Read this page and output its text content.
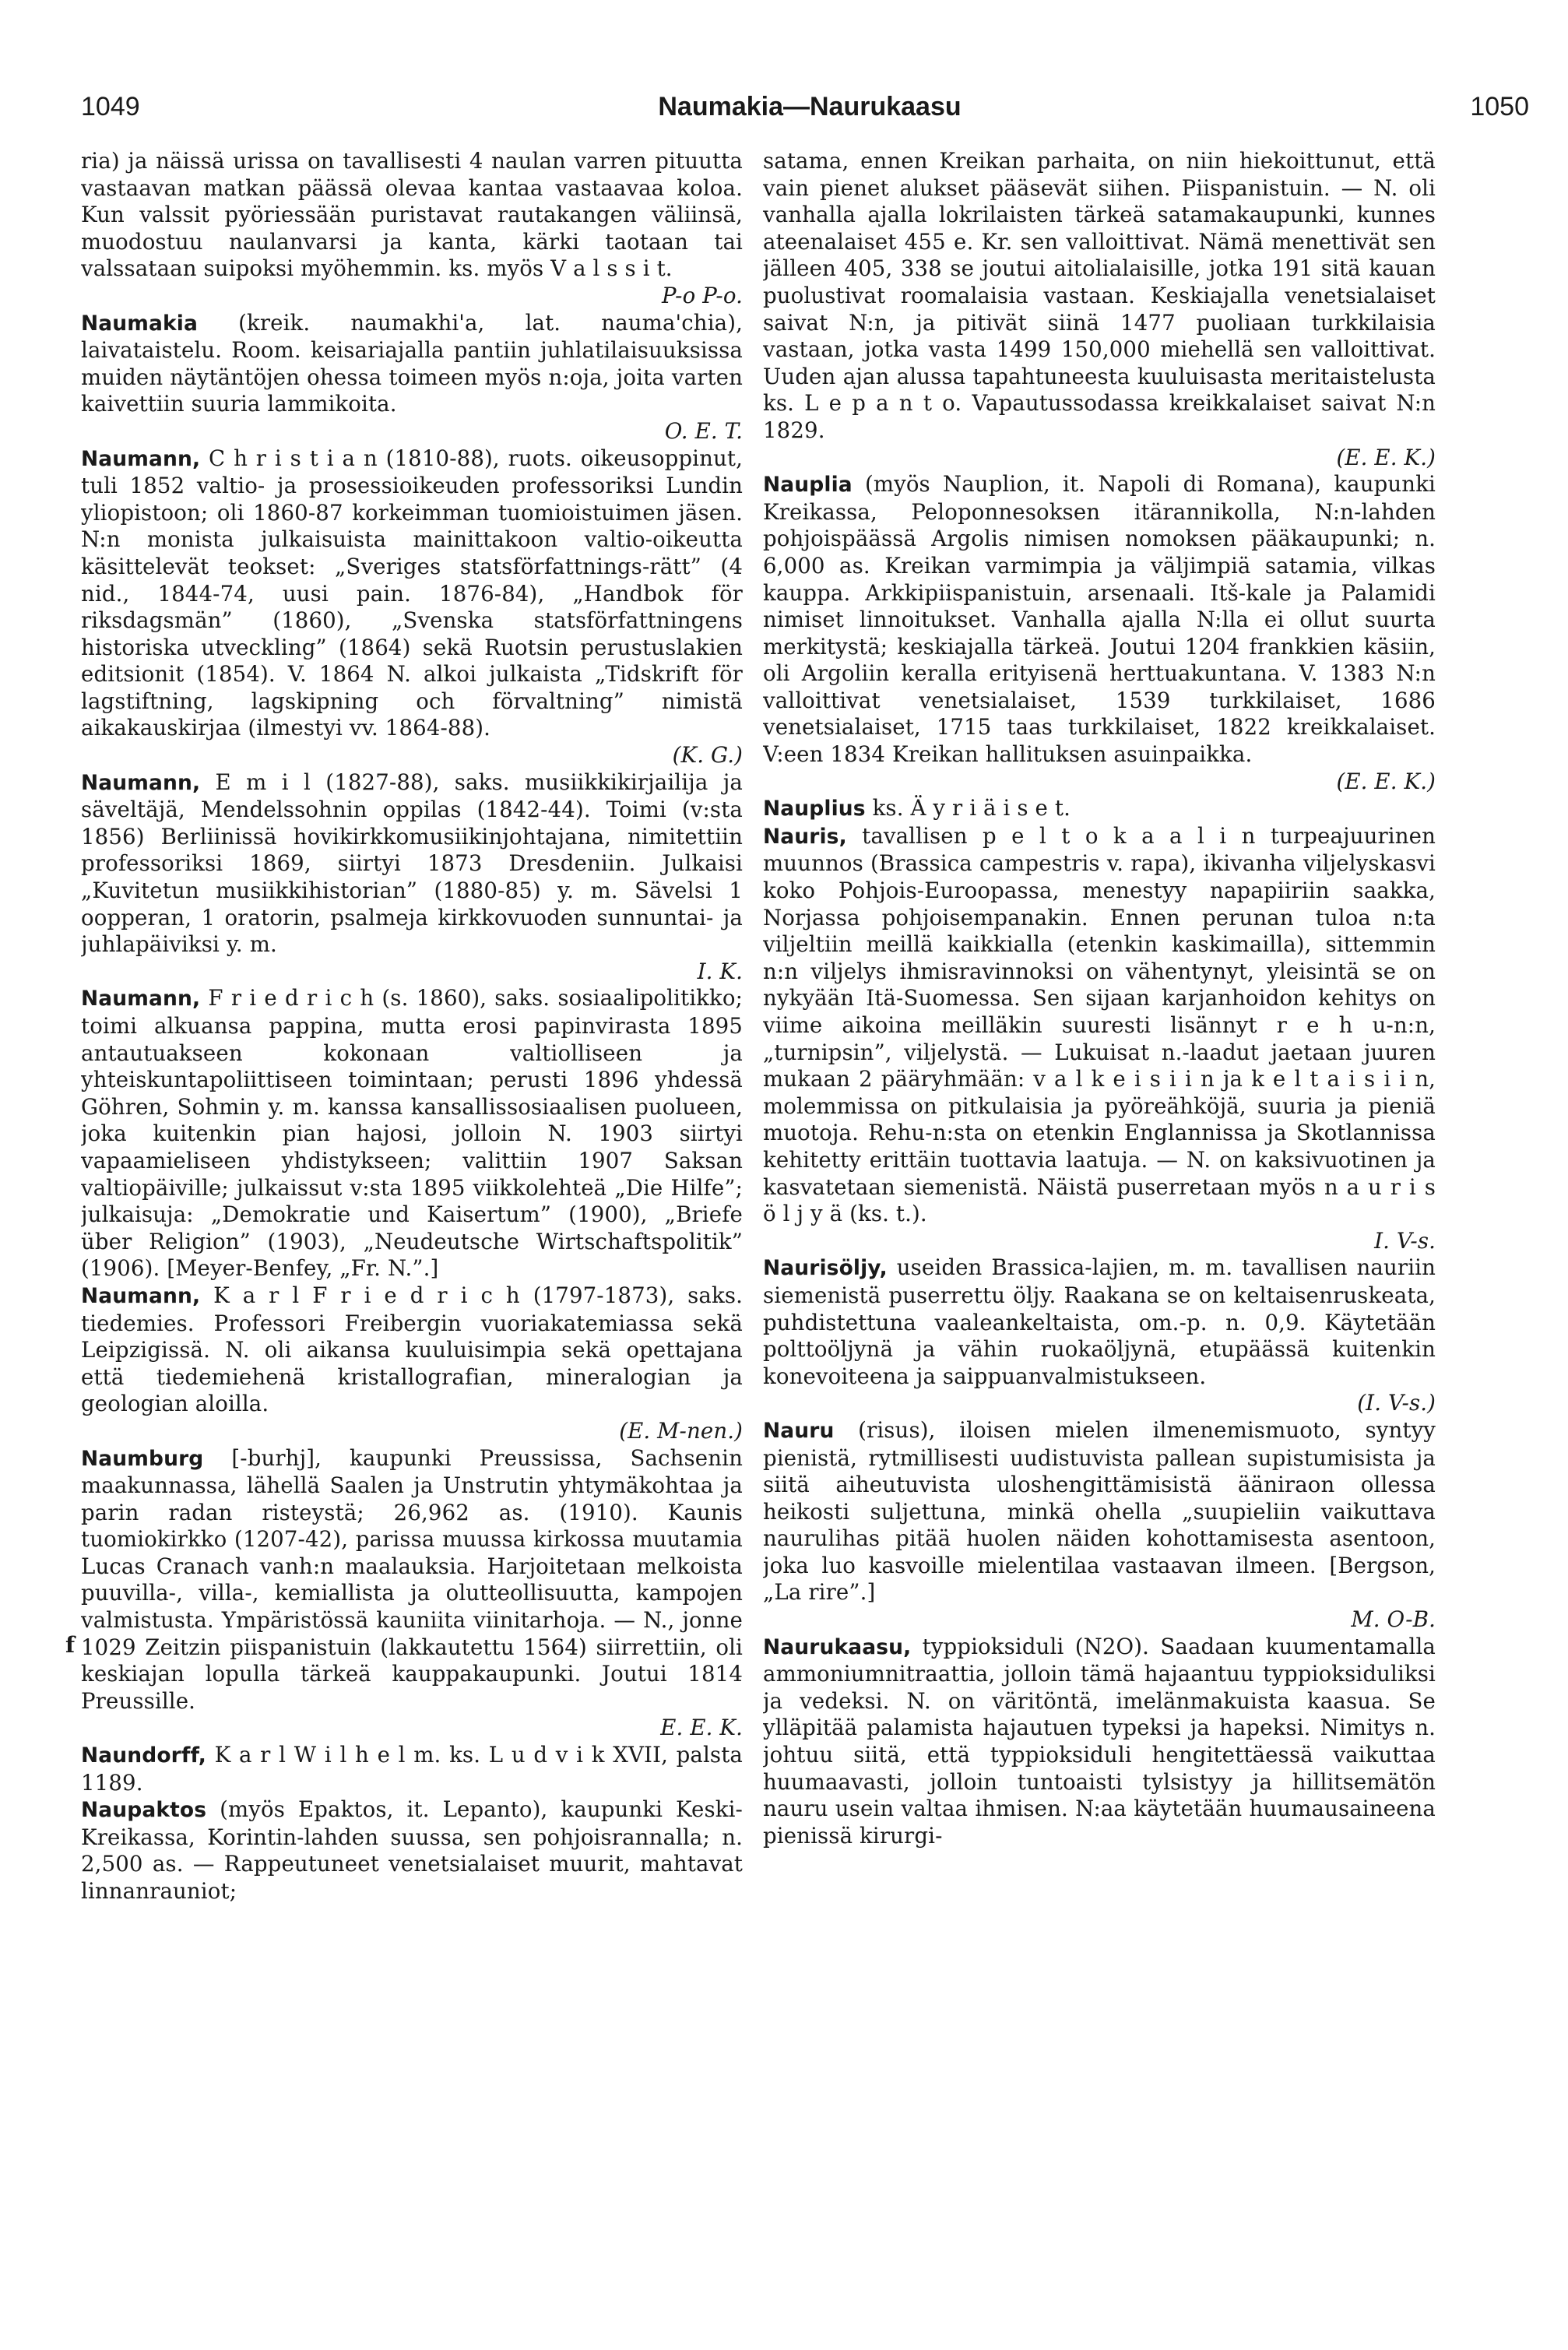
1049	Naumakia—Naurukaasu	1050
f

ria) ja näissä urissa on tavallisesti 4 naulan varren pituutta vastaavan matkan päässä olevaa kantaa vastaavaa koloa. Kun valssit pyöriessään puristavat rautakangen väliinsä, muodostuu naulanvarsi ja kanta, kärki taotaan tai valssataan suipoksi myöhemmin. ks. myös V a l s s i t.
P-o P-o.

Naumakia (kreik. naumakhi'a, lat. nauma'chia), laivataistelu. Room. keisariajalla pantiin juhlatilaisuuksissa muiden näytäntöjen ohessa toimeen myös n:oja, joita varten kaivettiin suuria lammikoita.
O. E. T.

Naumann, C h r i s t i a n (1810-88), ruots. oikeusoppinut, tuli 1852 valtio- ja prosessioikeuden professoriksi Lundin yliopistoon; oli 1860-87 korkeimman tuomioistuimen jäsen. N:n monista julkaisuista mainittakoon valtio-oikeutta käsittelevät teokset: „Sveriges statsförfattnings-rätt” (4 nid., 1844-74, uusi pain. 1876-84), „Handbok för riksdagsmän” (1860), „Svenska statsförfattningens historiska utveckling” (1864) sekä Ruotsin perustuslakien editsionit (1854). V. 1864 N. alkoi julkaista „Tidskrift för lagstiftning, lagskipning och förvaltning” nimistä aikakauskirjaa (ilmestyi vv. 1864-88).
(K. G.)

Naumann, E m i l (1827-88), saks. musiikkikirjailija ja säveltäjä, Mendelssohnin oppilas (1842-44). Toimi (v:sta 1856) Berliinissä hovikirkkomusiikinjohtajana, nimitettiin professoriksi 1869, siirtyi 1873 Dresdeniin. Julkaisi „Kuvitetun musiikkihistorian” (1880-85) y. m. Sävelsi 1 oopperan, 1 oratorin, psalmeja kirkkovuoden sunnuntai- ja juhlapäiviksi y. m.
I. K.

Naumann, F r i e d r i c h (s. 1860), saks. sosiaalipolitikko; toimi alkuansa pappina, mutta erosi papinvirasta 1895 antautuakseen kokonaan valtiolliseen ja yhteiskuntapoliittiseen toimintaan; perusti 1896 yhdessä Göhren, Sohmin y. m. kanssa kansallissosiaalisen puolueen, joka kuitenkin pian hajosi, jolloin N. 1903 siirtyi vapaamieliseen yhdistykseen; valittiin 1907 Saksan valtiopäiville; julkaissut v:sta 1895 viikkolehteä „Die Hilfe”; julkaisuja: „Demokratie und Kaisertum” (1900), „Briefe über Religion” (1903), „Neudeutsche Wirtschaftspolitik” (1906). [Meyer-Benfey, „Fr. N.”.]

Naumann, K a r l F r i e d r i c h (1797-1873), saks. tiedemies. Professori Freibergin vuoriakatemiassa sekä Leipzigissä. N. oli aikansa kuuluisimpia sekä opettajana että tiedemiehenä kristallografian, mineralogian ja geologian aloilla.
(E. M-nen.)

Naumburg [-burhj], kaupunki Preussissa, Sachsenin maakunnassa, lähellä Saalen ja Unstrutin yhtymäkohtaa ja parin radan risteystä; 26,962 as. (1910). Kaunis tuomiokirkko (1207-42), parissa muussa kirkossa muutamia Lucas Cranach vanh:n maalauksia. Harjoitetaan melkoista puuvilla-, villa-, kemiallista ja olutteollisuutta, kampojen valmistusta. Ympäristössä kauniita viinitarhoja. — N., jonne 1029 Zeitzin piispanistuin (lakkautettu 1564) siirrettiin, oli keskiajan lopulla tärkeä kauppakaupunki. Joutui 1814 Preussille.
E. E. K.

Naundorff, K a r l W i l h e l m. ks. L u d v i k XVII, palsta 1189.

Naupaktos (myös Epaktos, it. Lepanto), kaupunki Keski-Kreikassa, Korintin-lahden suussa, sen pohjoisrannalla; n. 2,500 as. — Rappeutuneet venetsialaiset muurit, mahtavat linnanrauniot;

satama, ennen Kreikan parhaita, on niin hiekoittunut, että vain pienet alukset pääsevät siihen. Piispanistuin. — N. oli vanhalla ajalla lokrilaisten tärkeä satamakaupunki, kunnes ateenalaiset 455 e. Kr. sen valloittivat. Nämä menettivät sen jälleen 405, 338 se joutui aitolialaisille, jotka 191 sitä kauan puolustivat roomalaisia vastaan. Keskiajalla venetsialaiset saivat N:n, ja pitivät siinä 1477 puoliaan turkkilaisia vastaan, jotka vasta 1499 150,000 miehellä sen valloittivat. Uuden ajan alussa tapahtuneesta kuuluisasta meritaistelusta ks. L e p a n t o. Vapautussodassa kreikkalaiset saivat N:n 1829.
(E. E. K.)

Nauplia (myös Nauplion, it. Napoli di Romana), kaupunki Kreikassa, Peloponnesoksen itärannikolla, N:n-lahden pohjoispäässä Argolis nimisen nomoksen pääkaupunki; n. 6,000 as. Kreikan varmimpia ja väljimpiä satamia, vilkas kauppa. Arkkipiispanistuin, arsenaali. Itš-kale ja Palamidi nimiset linnoitukset. Vanhalla ajalla N:lla ei ollut suurta merkitystä; keskiajalla tärkeä. Joutui 1204 frankkien käsiin, oli Argoliin keralla erityisenä herttuakuntana. V. 1383 N:n valloittivat venetsialaiset, 1539 turkkilaiset, 1686 venetsialaiset, 1715 taas turkkilaiset, 1822 kreikkalaiset. V:een 1834 Kreikan hallituksen asuinpaikka.
(E. E. K.)

Nauplius ks. Ä y r i ä i s e t.

Nauris, tavallisen p e l t o k a a l i n turpeajuurinen muunnos (Brassica campestris v. rapa), ikivanha viljelyskasvi koko Pohjois-Euroopassa, menestyy napapiiriin saakka, Norjassa pohjoisempanakin. Ennen perunan tuloa n:ta viljeltiin meillä kaikkialla (etenkin kaskimailla), sittemmin n:n viljelys ihmisravinnoksi on vähentynyt, yleisintä se on nykyään Itä-Suomessa. Sen sijaan karjanhoidon kehitys on viime aikoina meilläkin suuresti lisännyt r e h u-n:n, „turnipsin”, viljelystä. — Lukuisat n.-laadut jaetaan juuren mukaan 2 pääryhmään: v a l k e i s i i n ja k e l t a i s i i n, molemmissa on pitkulaisia ja pyöreähköjä, suuria ja pieniä muotoja. Rehu-n:sta on etenkin Englannissa ja Skotlannissa kehitetty erittäin tuottavia laatuja. — N. on kaksivuotinen ja kasvatetaan siemenistä. Näistä puserretaan myös n a u r i s ö l j y ä (ks. t.).
I. V-s.

Naurisöljy, useiden Brassica-lajien, m. m. tavallisen nauriin siemenistä puserrettu öljy. Raakana se on keltaisenruskeata, puhdistettuna vaaleankeltaista, om.-p. n. 0,9. Käytetään polttoöljynä ja vähin ruokaöljynä, etupäässä kuitenkin konevoiteena ja saippuanvalmistukseen.
(I. V-s.)

Nauru (risus), iloisen mielen ilmenemismuoto, syntyy pienistä, rytmillisesti uudistuvista pallean supistumisista ja siitä aiheutuvista uloshengittämisistä ääniraon ollessa heikosti suljettuna, minkä ohella „suupieliin vaikuttava naurulihas pitää huolen näiden kohottamisesta asentoon, joka luo kasvoille mielentilaa vastaavan ilmeen. [Bergson, „La rire”.]
M. O-B.

Naurukaasu, typpioksiduli (N2O). Saadaan kuumentamalla ammoniumnitraattia, jolloin tämä hajaantuu typpioksiduliksi ja vedeksi. N. on väritöntä, imelänmakuista kaasua. Se ylläpitää palamista hajautuen typeksi ja hapeksi. Nimitys n. johtuu siitä, että typpioksiduli hengitettäessä vaikuttaa huumaavasti, jolloin tuntoaisti tylsistyy ja hillitsemätön nauru usein valtaa ihmisen. N:aa käytetään huumausaineena pienissä kirurgi-
